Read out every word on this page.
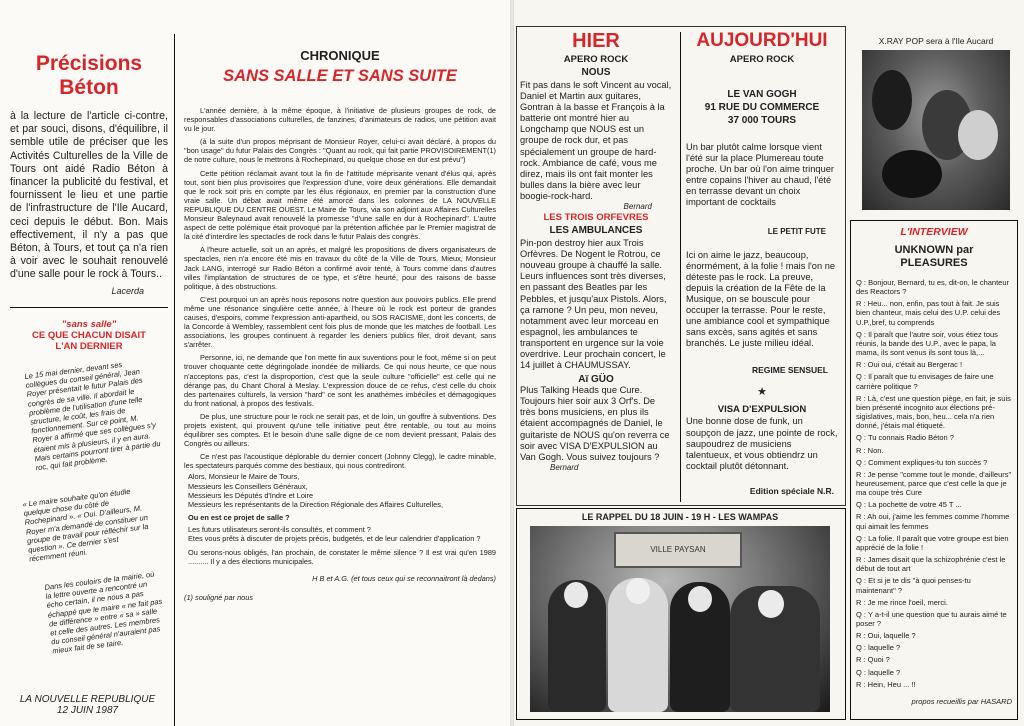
Précisions Béton
à la lecture de l'article ci-contre, et par souci, disons, d'équilibre, il semble utile de préciser que les Activités Culturelles de la Ville de Tours ont aidé Radio Béton à financer la publicité du festival, et fournissent le lieu et une partie de l'infrastructure de l'Ile Aucard, ceci depuis le début. Bon. Mais effectivement, il n'y a pas que Béton, à Tours, et tout ça n'a rien à voir avec le souhait renouvelé d'une salle pour le rock à Tours..
Lacerda
"sans salle"
CE QUE CHACUN DISAIT L'AN DERNIER
Le 15 mai dernier, devant ses collègues du conseil général, Jean Royer présentait le futur Palais des congrès de sa ville. Il abordait le problème de l'utilisation d'une telle structure, le coût, les frais de fonctionnement. Sur ce point, M. Royer a affirmé que ses collègues s'y étaient mis à plusieurs, il y en aura. Mais certains pourront tirer à partie du roc, qui fait problème.
« Le maire souhaite qu'on étudie quelque chose du côté de Rochepinard ». « Oui. D'ailleurs, M. Royer m'a demandé de constituer un groupe de travail pour réfléchir sur la question ». Ce dernier s'est récemment réuni.
Dans les couloirs de la mairie, où la lettre ouverte a rencontré un écho certain, il ne nous a pas échappé que le maire « ne fait pas de différence » entre « sa » salle et celle des autres. Les membres du conseil général n'auraient pas mieux fait de se taire.
LA NOUVELLE REPUBLIQUE
12 JUIN 1987
CHRONIQUE
SANS SALLE ET SANS SUITE
L'année dernière, à la même époque, à l'initiative de plusieurs groupes de rock, de responsables d'associations culturelles, de fanzines, d'animateurs de radios, une pétition avait vu le jour.
(à la suite d'un propos méprisant de Monsieur Royer, celui-ci avait déclaré, à propos du "bon usage" du futur Palais des Congrès : "Quant au rock, qui fait partie PROVISOIREMENT(1) de notre culture, nous le mettrons à Rochepinard, ou quelque chose en dur est prévu")
Cette pétition réclamait avant tout la fin de l'attitude méprisante venant d'élus qui, après tout, sont bien plus provisoires que l'expression d'une, voire deux générations. Elle demandait que le rock soit pris en compte par les élus régionaux, en premier par la construction d'une vraie salle. Un débat avait même été amorcé dans les colonnes de LA NOUVELLE REPUBLIQUE DU CENTRE OUEST. Le Maire de Tours, via son adjoint aux Affaires Culturelles Monsieur Baleynaud avait renouvelé la promesse "d'une salle en dur à Rochepinard". L'autre aspect de cette polémique était provoqué par la prétention affichée par le Premier magistrat de la cité d'interdire les spectacles de rock dans le futur Palais des congrès.
A l'heure actuelle, soit un an après, et malgré les propositions de divers organisateurs de spectacles, rien n'a encore été mis en travaux du côté de la Ville de Tours. Mieux, Monsieur Jack LANG, interrogé sur Radio Béton a confirmé avoir tenté, à Tours comme dans d'autres villes l'implantation de structures de ce type, et s'être heurté, pour des raisons de basse politique, à des obstructions.
C'est pourquoi un an après nous reposons notre question aux pouvoirs publics. Elle prend même une résonance singulière cette année, à l'heure où le rock est porteur de grandes causes, d'espoirs, comme l'expression anti-apartheid, ou SOS RACISME, dont les concerts, de la Concorde à Wembley, rassemblent cent fois plus de monde que les matches de football. Les associations, les groupes continuent à regarder les deniers publics filer, droit devant, sans s'arrêter.
Personne, ici, ne demande que l'on mette fin aux suventions pour le foot, même si on peut trouver choquante cette dégringolade inondée de milliards. Ce qui nous heurte, ce que nous n'acceptons pas, c'est la disproportion, c'est que la seule culture "officielle" est celle qui ne dérange pas, du Chant Choral à Meslay. L'expression douce de ce refus, c'est celle du choix des partenaires culturels, la version "hard" ce sont les anathèmes imbéciles et démagogiques du front national, à propos des festivals.
De plus, une structure pour le rock ne serait pas, et de loin, un gouffre à subventions. Des projets existent, qui prouvent qu'une telle initiative peut être rentable, ou tout au moins équilibrer ses comptes. Et le besoin d'une salle digne de ce nom devient pressant, Palais des Congrès ou ailleurs.
Ce n'est pas l'acoustique déplorable du dernier concert (Johnny Clegg), le cadre minable, les spectateurs parqués comme des bestiaux, qui nous contrediront.
Alors, Monsieur le Maire de Tours,
Messieurs les Conseillers Généraux,
Messieurs les Députés d'Indre et Loire
Messieurs les représentants de la Direction Régionale des Affaires Culturelles,
Ou en est ce projet de salle ?
Les futurs utilisateurs seront-ils consultés, et comment ?
Etes vous prêts à discuter de projets précis, budgetés, et de leur calendrier d'application ?
Ou serons-nous obligés, l'an prochain, de constater le même silence ? Il est vrai qu'en 1989 .......... Il y a des élections municipales.
H B et A.G. (et tous ceux qui se reconnaitront là dedans)
(1) souligné par nous
HIER
APERO ROCK
NOUS
Fit pas dans le soft Vincent au vocal, Daniel et Martin aux guitares, Gontran à la basse et François à la batterie ont montré hier au Longchamp que NOUS est un groupe de rock dur, et pas spécialement un groupe de hard-rock. Ambiance de café, vous me direz, mais ils ont fait monter les bulles dans la bière avec leur boogie-rock-hard.
Bernard
LES TROIS ORFEVRES
LES AMBULANCES
Pin-pon destroy hier aux Trois Orfèvres. De Nogent le Rotrou, ce nouveau groupe à chauffé la salle. Leurs influences sont très diverses, en passant des Beatles par les Pebbles, et jusqu'aux Pistols. Alors, ça ramone ? Un peu, mon neveu, notamment avec leur morceau en espagnol, les ambulances te transportent en urgence sur la voie overdrive. Leur prochain concert, le 14 juillet à CHAUMUSSAY.
Aï GÜO
Plus Talking Heads que Cure. Toujours hier soir aux 3 Orf's. De très bons musiciens, en plus ils étaient accompagnés de Daniel, le guitariste de NOUS qu'on reverra ce soir avec VISA D'EXPULSION au Van Gogh. Vous suivez toujours ?
Bernard
AUJOURD'HUI
APERO ROCK
LE VAN GOGH
91 RUE DU COMMERCE
37 000 TOURS
Un bar plutôt calme lorsque vient l'été sur la place Plumereau toute proche. Un bar où l'on aime trinquer entre copains l'hiver au chaud, l'été en terrasse devant un choix important de cocktails
LE PETIT FUTE
Ici on aime le jazz, beaucoup, énormément, à la folie ! mais l'on ne déteste pas le rock. La preuve, depuis la création de la Fête de la Musique, on se bouscule pour occuper la terrasse. Pour le reste, une ambiance cool et sympathique sans excès, sans agités et sans branchés. Le juste milieu idéal.
REGIME SENSUEL
★
VISA D'EXPULSION
Une bonne dose de funk, un soupçon de jazz, une pointe de rock, saupoudrez de musiciens talentueux, et vous obtiendrz un cocktail plutôt détonnant.
Edition spéciale N.R.
X.RAY POP sera à l'Ile Aucard
L'INTERVIEW
UNKNOWN par PLEASURES
Q : Bonjour, Bernard, tu es, dit-on, le chanteur des Reactors ?
R : Heu... non, enfin, pas tout à fait. Je suis bien chanteur, mais celui des U.P. celui des U.P.,bref, tu comprends
Q : Il paraît que l'autre soir, vous étiez tous réunis, la bande des U.P., avec le papa, la mama, ils sont venus ils sont tous là,...
R : Oui oui, c'était au Bergerac !
Q : Il paraît que tu envisages de faire une carrière politique ?
R : Là, c'est une question piège, en fait, je suis bien présenté incognito aux élections pré-sigislatives, mais, bon, heu... cela n'a rien donné, j'étais mal étiqueté.
Q : Tu connais Radio Béton ?
R : Non.
Q : Comment expliques-tu ton succès ?
R : Je pense "comme tout le monde, d'ailleurs" heureusement, parce que c'est celle la que je ma coupe très Cure
Q : La pochette de votre 45 T ...
R : Ah oui, j'aime les femmes comme l'homme qui aimait les femmes
Q : La folie. Il paraît que votre groupe est bien apprécié de la folie !
R : James disait que la schizophrénie c'est le début de tout art
Q : Et si je te dis "à quoi penses-tu maintenant" ?
R : Je me rince l'oeil, merci.
Q : Y a-t-il une question que tu aurais aimé te poser ?
R : Oui, laquelle ?
Q : laquelle ?
R : Quoi ?
Q : laquelle ?
R : Hein, Heu ... !!
propos recueillis par HASARD
LE RAPPEL DU 18 JUIN - 19 H - LES WAMPAS
VILLE PAYSAN
